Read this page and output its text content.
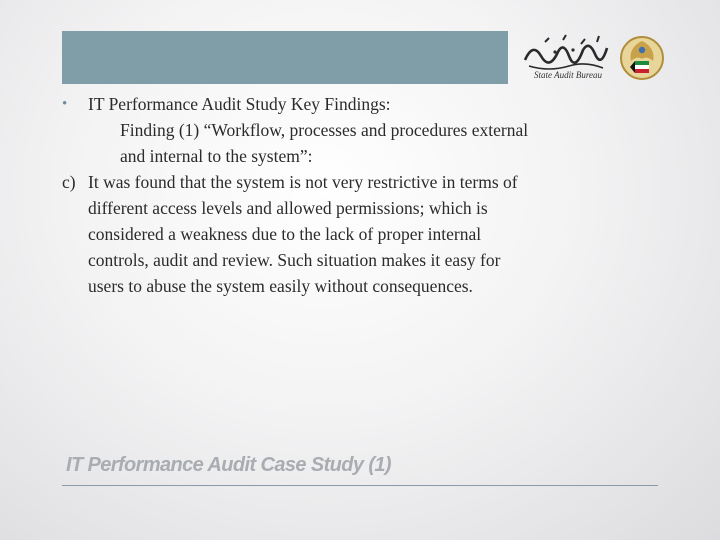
State Audit Bureau
• IT Performance Audit Study Key Findings:
Finding (1) “Workflow, processes and procedures external
and internal to the system”:
c) It was found that the system is not very restrictive in terms of
different access levels and allowed permissions; which is
considered a weakness due to the lack of proper internal
controls, audit and review. Such situation makes it easy for
users to abuse the system easily without consequences.
IT Performance Audit Case Study (1)
